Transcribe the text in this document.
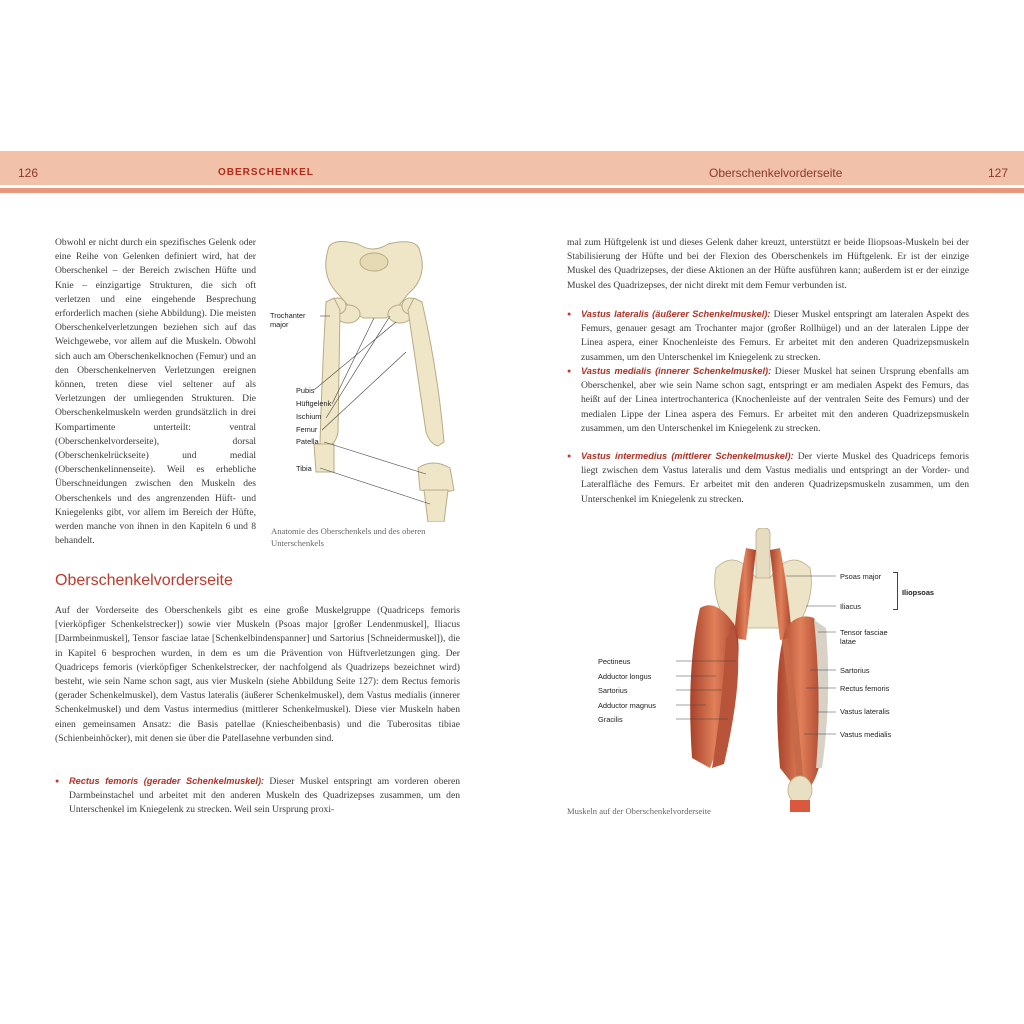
126	OBERSCHENKEL	Oberschenkelvorderseite	127
Obwohl er nicht durch ein spezifisches Gelenk oder eine Reihe von Gelenken definiert wird, hat der Oberschenkel – der Bereich zwischen Hüfte und Knie – einzigartige Strukturen, die sich oft verletzen und eine eingehende Besprechung erforderlich machen (siehe Abbildung). Die meisten Oberschenkelverletzungen beziehen sich auf das Weichgewebe, vor allem auf die Muskeln. Obwohl sich auch am Oberschenkelknochen (Femur) und an den Oberschenkelnerven Verletzungen ereignen können, treten diese viel seltener auf als Verletzungen der umliegenden Strukturen. Die Oberschenkelmuskeln werden grundsätzlich in drei Kompartimente unterteilt: ventral (Oberschenkelvorderseite), dorsal (Oberschenkelrückseite) und medial (Oberschenkelinnenseite). Weil es erhebliche Überschneidungen zwischen den Muskeln des Oberschenkels und des angrenzenden Hüft- und Kniegelenks gibt, vor allem im Bereich der Hüfte, werden manche von ihnen in den Kapiteln 6 und 8 behandelt.
Trochanter major
Pubis
Hüftgelenk
Ischium
Femur
Patella
Tibia
Anatomie des Oberschenkels und des oberen Unterschenkels
Oberschenkelvorderseite
Auf der Vorderseite des Oberschenkels gibt es eine große Muskelgruppe (Quadriceps femoris [vierköpfiger Schenkelstrecker]) sowie vier Muskeln (Psoas major [großer Lendenmuskel], Iliacus [Darmbeinmuskel], Tensor fasciae latae [Schenkelbindenspanner] und Sartorius [Schneidermuskel]), die in Kapitel 6 besprochen wurden, in dem es um die Prävention von Hüftverletzungen ging. Der Quadriceps femoris (vierköpfiger Schenkelstrecker, der nachfolgend als Quadrizeps bezeichnet wird) besteht, wie sein Name schon sagt, aus vier Muskeln (siehe Abbildung Seite 127): dem Rectus femoris (gerader Schenkelmuskel), dem Vastus lateralis (äußerer Schenkelmuskel), dem Vastus medialis (innerer Schenkelmuskel) und dem Vastus intermedius (mittlerer Schenkelmuskel). Diese vier Muskeln haben einen gemeinsamen Ansatz: die Basis patellae (Kniescheibenbasis) und die Tuberositas tibiae (Schienbeinhöcker), mit denen sie über die Patellasehne verbunden sind.
● Rectus femoris (gerader Schenkelmuskel): Dieser Muskel entspringt am vorderen oberen Darmbeinstachel und arbeitet mit den anderen Muskeln des Quadrizepses zusammen, um den Unterschenkel im Kniegelenk zu strecken. Weil sein Ursprung proxi-
mal zum Hüftgelenk ist und dieses Gelenk daher kreuzt, unterstützt er beide Iliopsoas-Muskeln bei der Stabilisierung der Hüfte und bei der Flexion des Oberschenkels im Hüftgelenk. Er ist der einzige Muskel des Quadrizepses, der diese Aktionen an der Hüfte ausführen kann; außerdem ist er der einzige Muskel des Quadrizepses, der nicht direkt mit dem Femur verbunden ist.
● Vastus lateralis (äußerer Schenkelmuskel): Dieser Muskel entspringt am lateralen Aspekt des Femurs, genauer gesagt am Trochanter major (großer Rollhügel) und an der lateralen Lippe der Linea aspera, einer Knochenleiste des Femurs. Er arbeitet mit den anderen Quadrizepsmuskeln zusammen, um den Unterschenkel im Kniegelenk zu strecken.
● Vastus medialis (innerer Schenkelmuskel): Dieser Muskel hat seinen Ursprung ebenfalls am Oberschenkel, aber wie sein Name schon sagt, entspringt er am medialen Aspekt des Femurs, das heißt auf der Linea intertrochanterica (Knochenleiste auf der ventralen Seite des Femurs) und der medialen Lippe der Linea aspera des Femurs. Er arbeitet mit den anderen Quadrizepsmuskeln zusammen, um den Unterschenkel im Kniegelenk zu strecken.
● Vastus intermedius (mittlerer Schenkelmuskel): Der vierte Muskel des Quadriceps femoris liegt zwischen dem Vastus lateralis und dem Vastus medialis und entspringt an der Vorder- und Lateralfläche des Femurs. Er arbeitet mit den anderen Quadrizepsmuskeln zusammen, um den Unterschenkel im Kniegelenk zu strecken.
Psoas major
Iliopsoas
Iliacus
Tensor fasciae latae
Sartorius
Rectus femoris
Vastus lateralis
Vastus medialis
Pectineus
Adductor longus
Sartorius
Adductor magnus
Gracilis
Muskeln auf der Oberschenkelvorderseite
